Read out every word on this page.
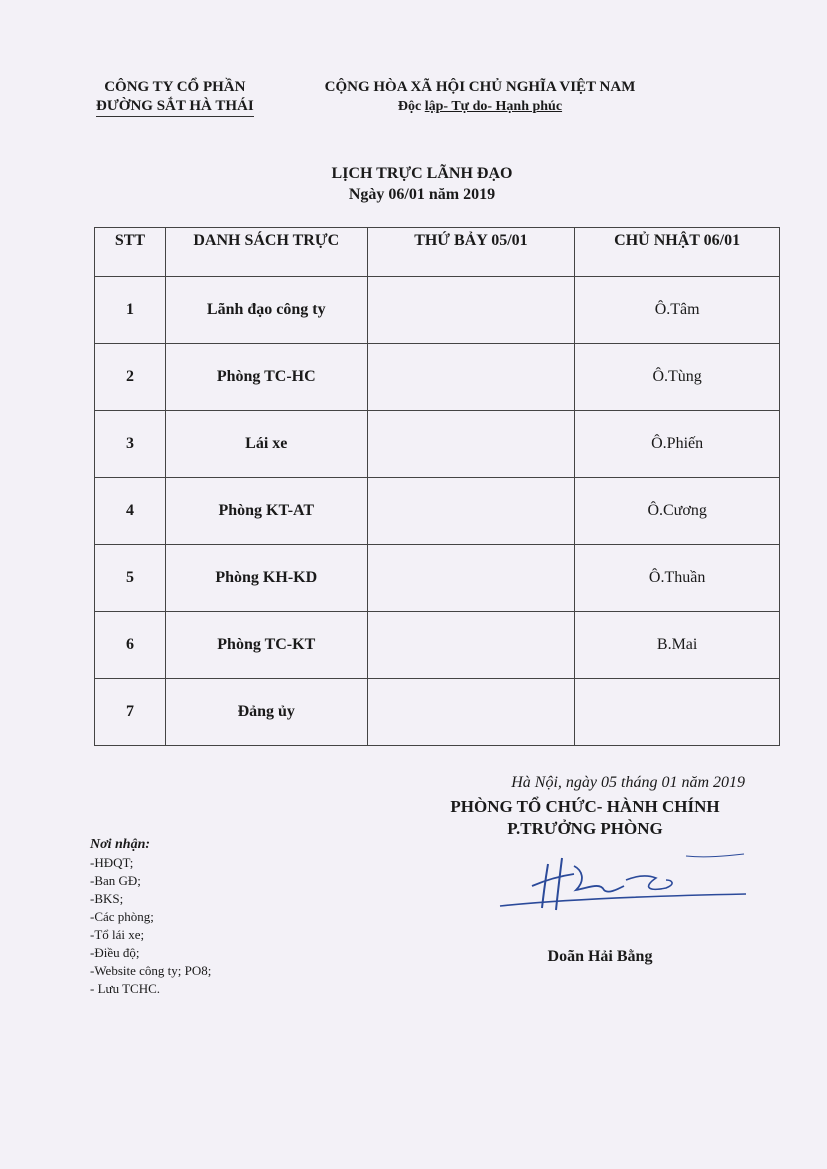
CÔNG TY CỔ PHẦN
ĐƯỜNG SẮT HÀ THÁI
CỘNG HÒA XÃ HỘI CHỦ NGHĨA VIỆT NAM
Độc lập- Tự do- Hạnh phúc
LỊCH TRỰC LÃNH ĐẠO
Ngày 06/01 năm 2019
STT	DANH SÁCH TRỰC	THỨ BẢY 05/01	CHỦ NHẬT 06/01
1	Lãnh đạo công ty		Ô.Tâm
2	Phòng TC-HC		Ô.Tùng
3	Lái xe		Ô.Phiến
4	Phòng KT-AT		Ô.Cương
5	Phòng KH-KD		Ô.Thuần
6	Phòng TC-KT		B.Mai
7	Đảng ủy		
Hà Nội, ngày 05 tháng 01 năm 2019
PHÒNG TỔ CHỨC- HÀNH CHÍNH
P.TRƯỞNG PHÒNG
Doãn Hải Bằng
Nơi nhận:
-HĐQT;
-Ban GĐ;
-BKS;
-Các phòng;
-Tổ lái xe;
-Điều độ;
-Website công ty; PO8;
- Lưu TCHC.
